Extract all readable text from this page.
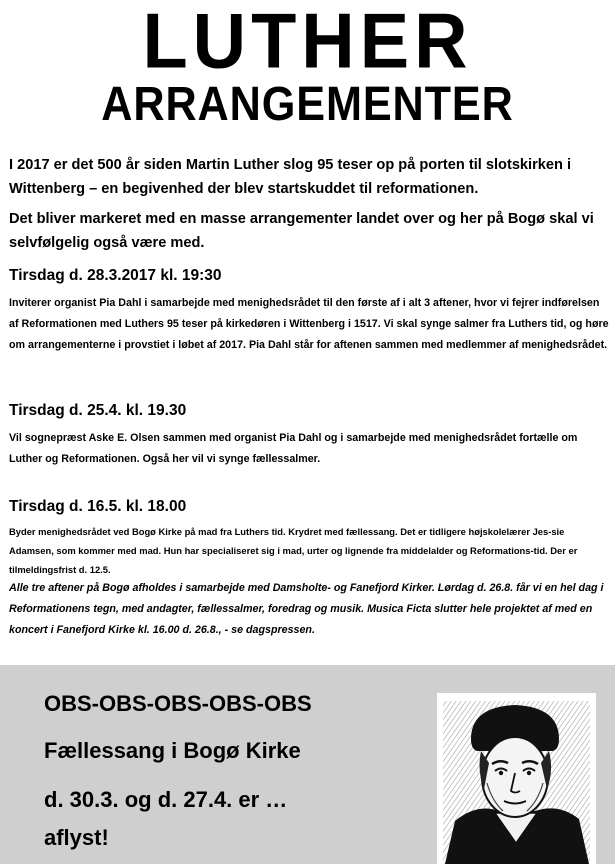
LUTHER
ARRANGEMENTER
I 2017 er det 500 år siden Martin Luther slog 95 teser op på porten til slotskirken i Wittenberg – en begivenhed der blev startskuddet til reformationen.
Det bliver markeret med en masse arrangementer landet over og her på Bogø skal vi selvfølgelig også være med.
Tirsdag d. 28.3.2017 kl. 19:30
Inviterer organist Pia Dahl i samarbejde med menighedsrådet til den første af i alt 3 aftener, hvor vi fejrer indførelsen af Reformationen med Luthers 95 teser på kirkedøren i Wittenberg i 1517. Vi skal synge salmer fra Luthers tid, og høre om arrangementerne i provstiet i løbet af 2017. Pia Dahl står for aftenen sammen med medlemmer af menighedsrådet.
Tirsdag d. 25.4. kl. 19.30
Vil sognepræst Aske E. Olsen sammen med organist Pia Dahl og i samarbejde med menighedsrådet fortælle om Luther og Reformationen. Også her vil vi synge fællessalmer.
Tirsdag d. 16.5. kl. 18.00
Byder menighedsrådet ved Bogø Kirke på mad fra Luthers tid. Krydret med fællessang. Det er tidligere højskolelærer Jes-sie Adamsen, som kommer med mad. Hun har specialiseret sig i mad, urter og lignende fra middelalder og Reformations-tid. Der er tilmeldingsfrist d. 12.5.
Alle tre aftener på Bogø afholdes i samarbejde med Damsholte- og Fanefjord Kirker. Lørdag d. 26.8. får vi en hel dag i Reformationens tegn, med andagter, fællessalmer, foredrag og musik. Musica Ficta slutter hele projektet af med en koncert i Fanefjord Kirke kl. 16.00 d. 26.8., - se dagspressen.
OBS-OBS-OBS-OBS-OBS
Fællessang i Bogø Kirke
d. 30.3. og d. 27.4. er …
aflyst!
